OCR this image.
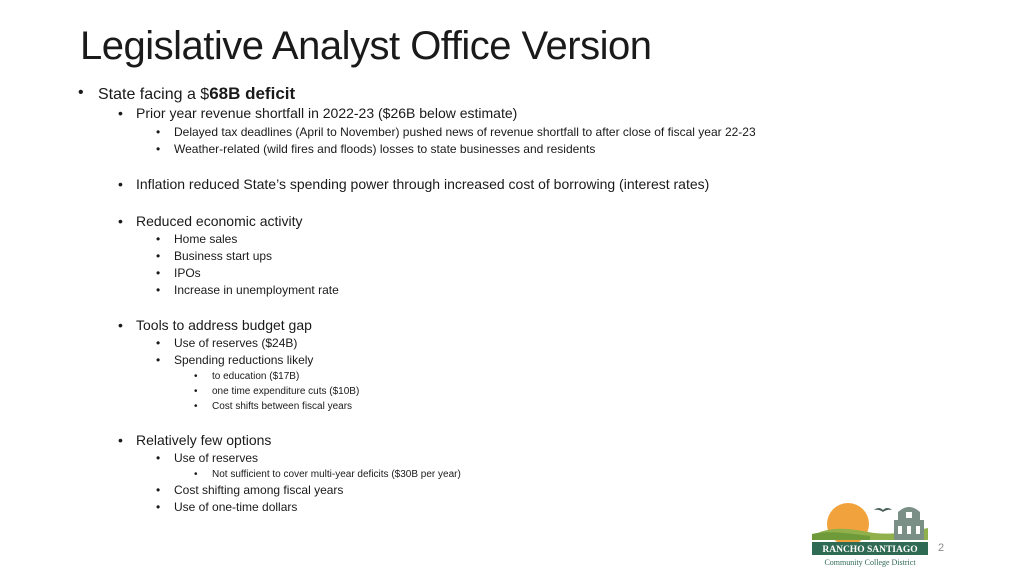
Legislative Analyst Office Version
• State facing a $68B deficit
• Prior year revenue shortfall in 2022-23 ($26B below estimate)
• Delayed tax deadlines (April to November) pushed news of revenue shortfall to after close of fiscal year 22-23
• Weather-related (wild fires and floods) losses to state businesses and residents
• Inflation reduced State’s spending power through increased cost of borrowing (interest rates)
• Reduced economic activity
• Home sales
• Business start ups
• IPOs
• Increase in unemployment rate
• Tools to address budget gap
• Use of reserves ($24B)
• Spending reductions likely
• to education ($17B)
• one time expenditure cuts ($10B)
• Cost shifts between fiscal years
• Relatively few options
• Use of reserves
• Not sufficient to cover multi-year deficits ($30B per year)
• Cost shifting among fiscal years
• Use of one-time dollars
RANCHO SANTIAGO
Community College District
2
